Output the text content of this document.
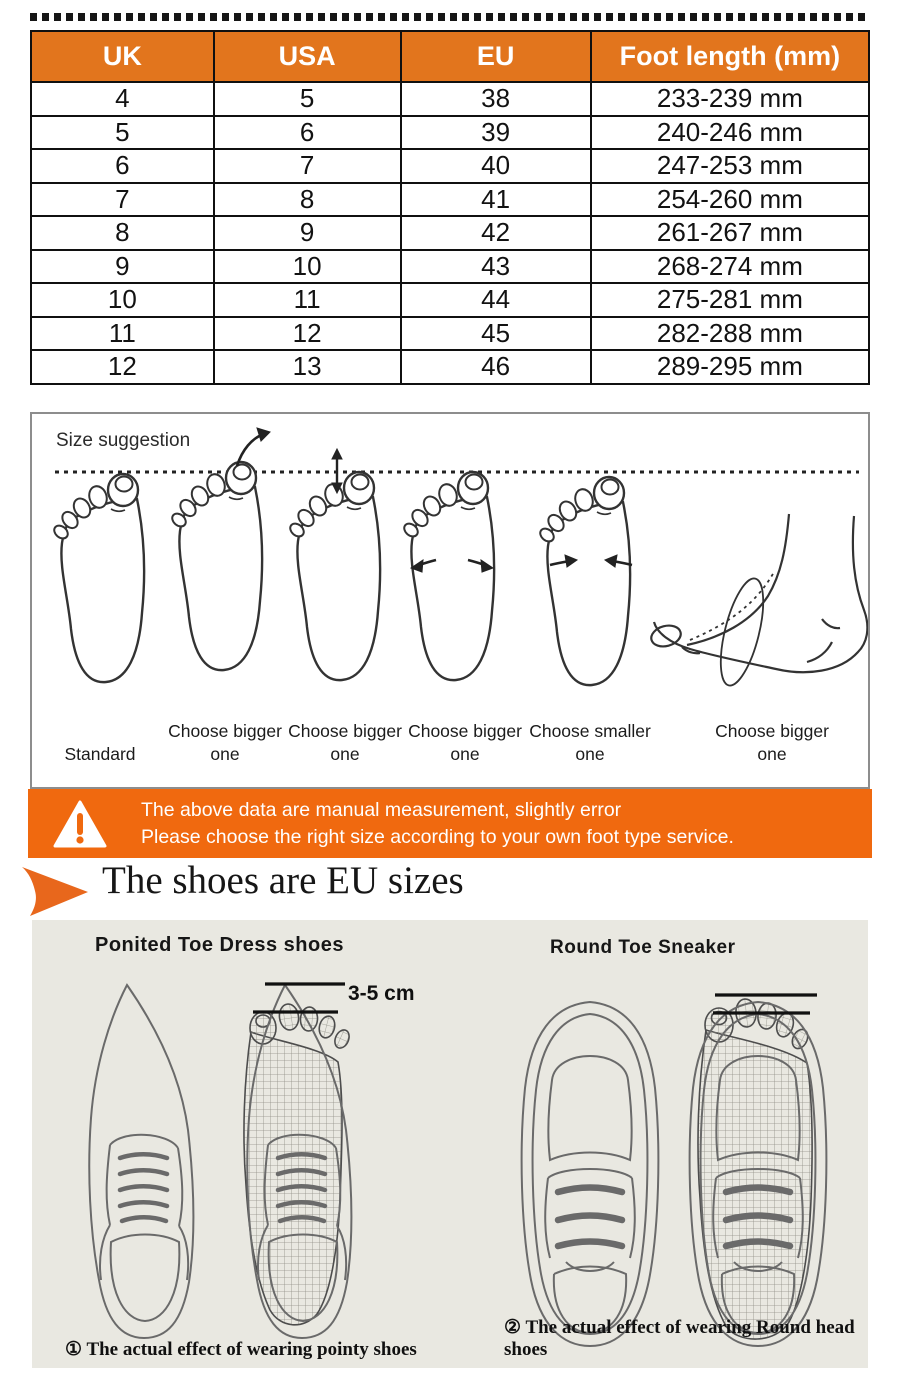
UK	USA	EU	Foot length (mm)
4	5	38	233-239 mm
5	6	39	240-246 mm
6	7	40	247-253 mm
7	8	41	254-260 mm
8	9	42	261-267 mm
9	10	43	268-274 mm
10	11	44	275-281 mm
11	12	45	282-288 mm
12	13	46	289-295 mm
Size suggestion
Standard
Choose bigger one
Choose bigger one
Choose bigger one
Choose smaller one
Choose bigger one
The above data are manual measurement, slightly error
Please choose the right size according to your own foot type service.
The shoes are EU sizes
Ponited Toe Dress shoes	Round Toe Sneaker
3-5 cm
① The actual effect of wearing pointy shoes
② The actual effect of wearing Round head shoes
